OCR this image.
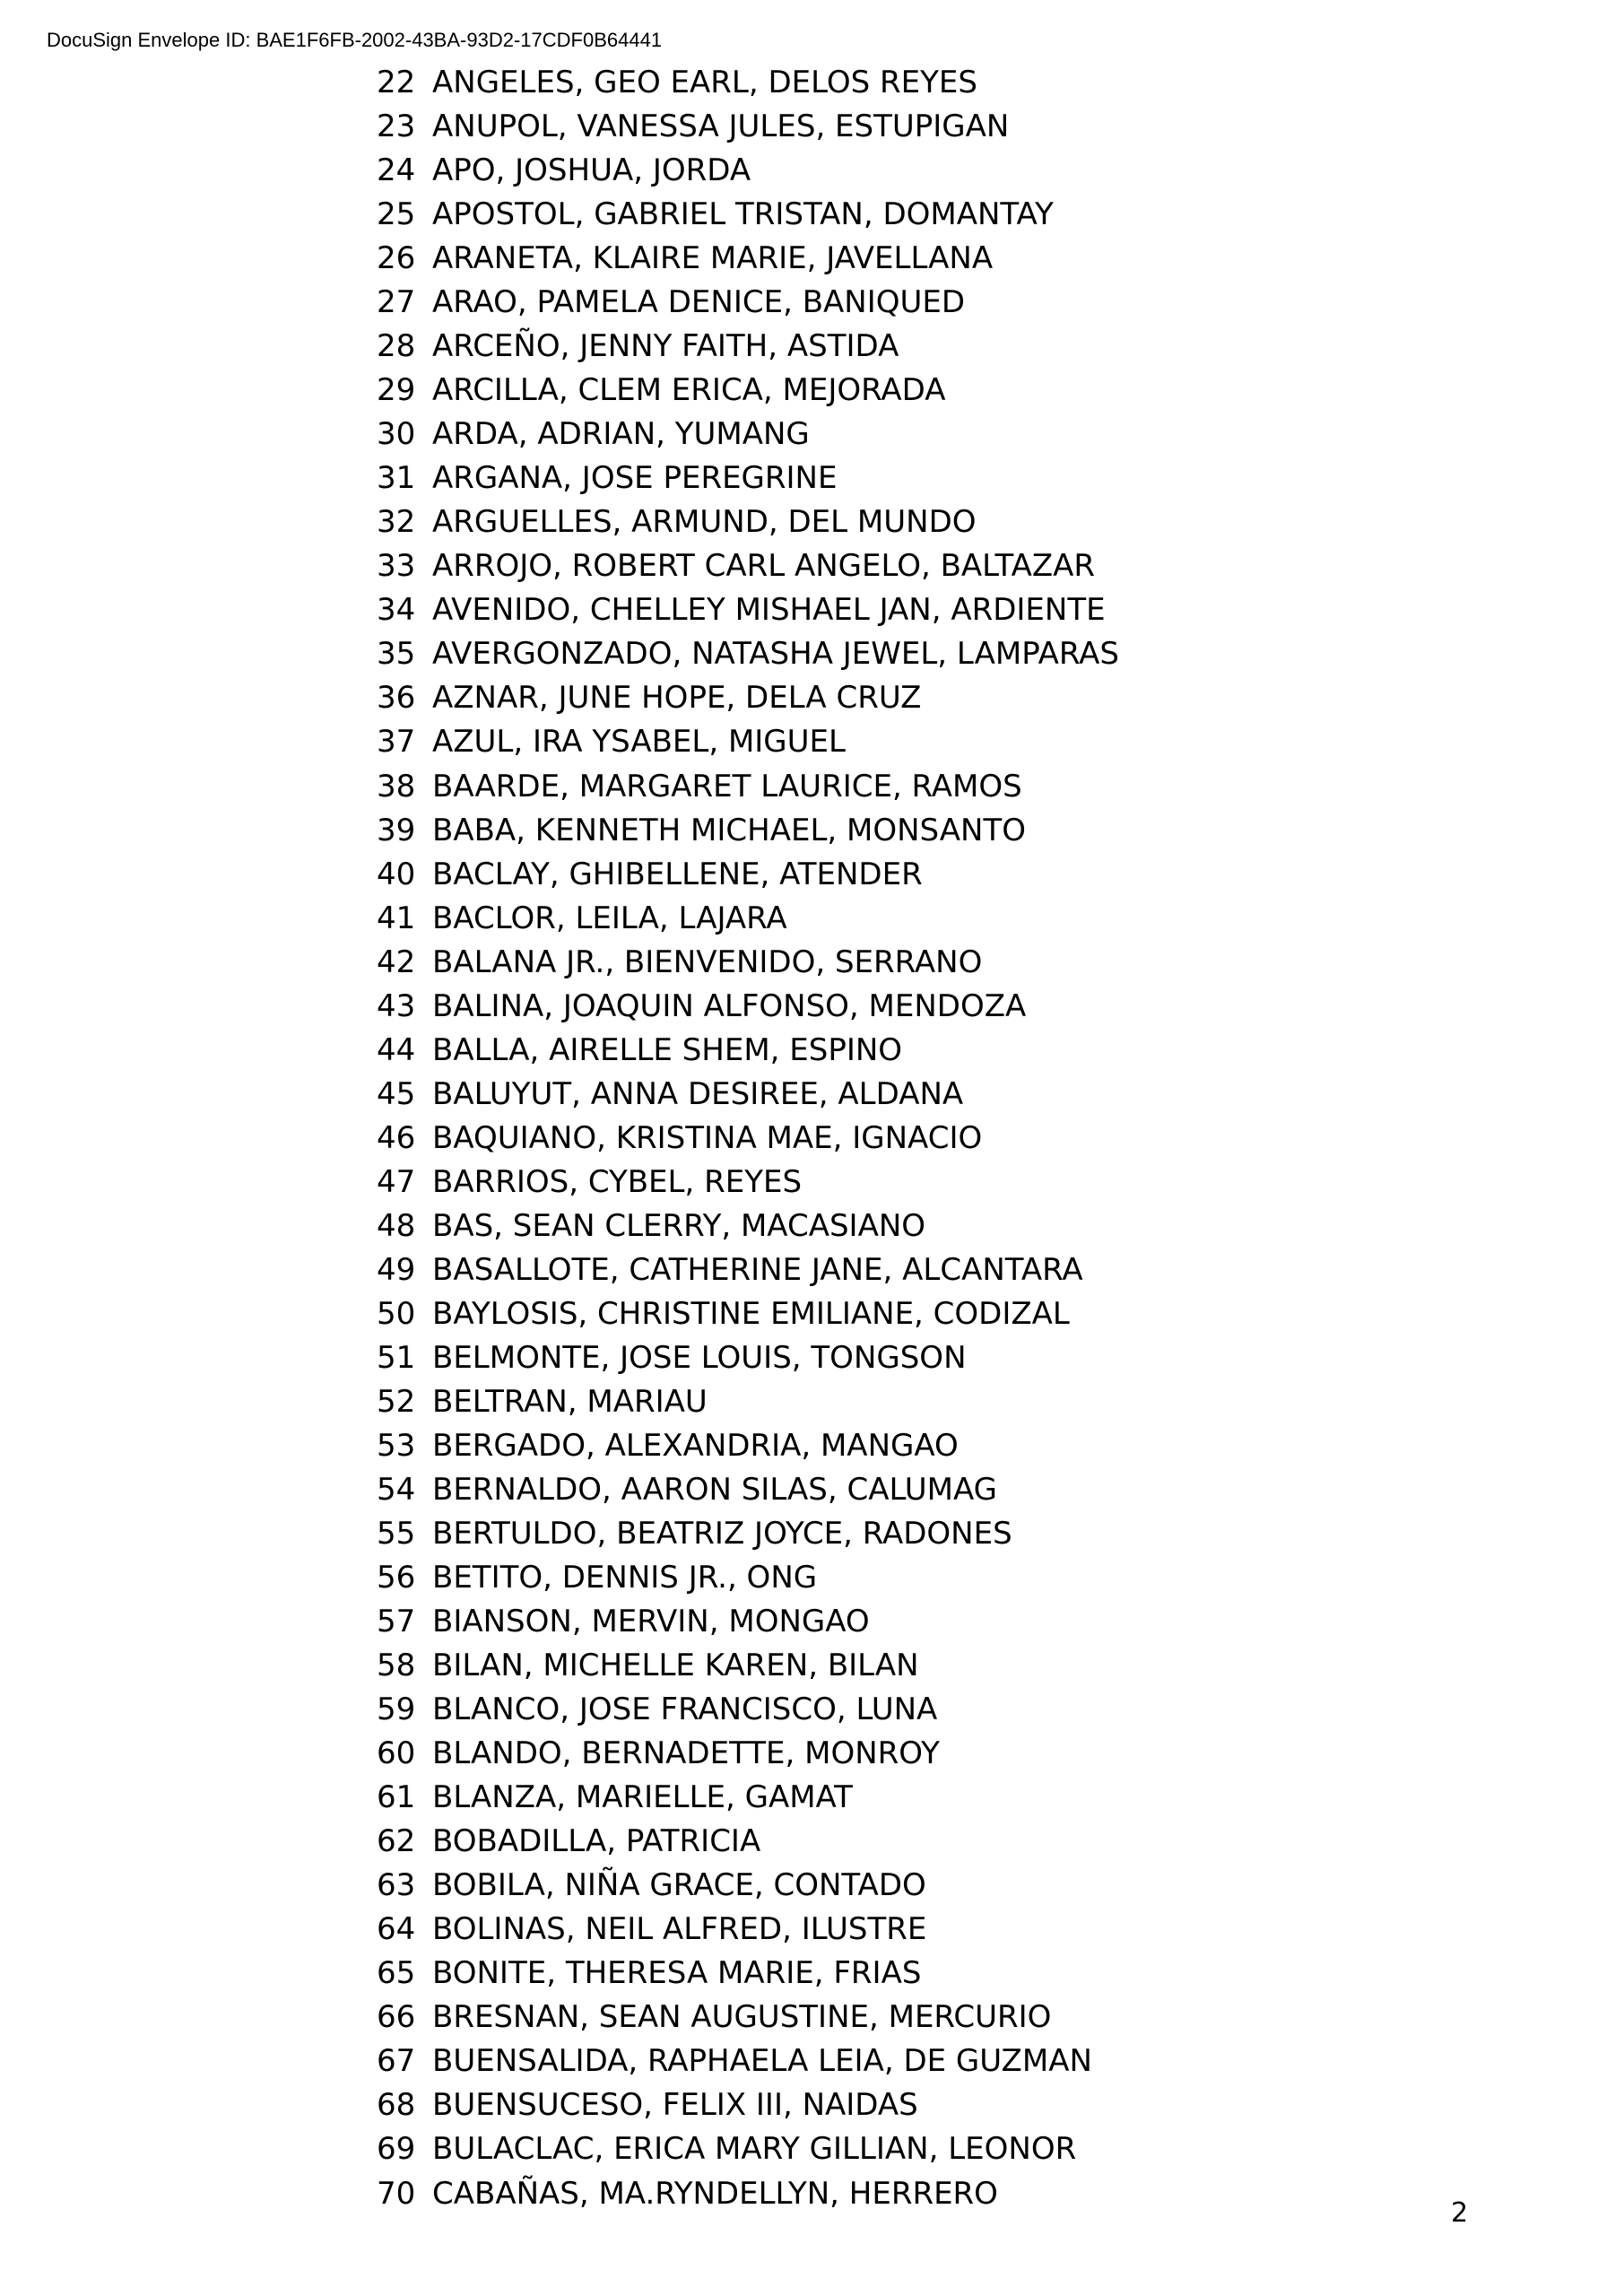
DocuSign Envelope ID: BAE1F6FB-2002-43BA-93D2-17CDF0B64441
22 ANGELES, GEO EARL, DELOS REYES
23 ANUPOL, VANESSA JULES, ESTUPIGAN
24 APO, JOSHUA, JORDA
25 APOSTOL, GABRIEL TRISTAN, DOMANTAY
26 ARANETA, KLAIRE MARIE, JAVELLANA
27 ARAO, PAMELA DENICE, BANIQUED
28 ARCEÑO, JENNY FAITH, ASTIDA
29 ARCILLA, CLEM ERICA, MEJORADA
30 ARDA, ADRIAN, YUMANG
31 ARGANA, JOSE PEREGRINE
32 ARGUELLES, ARMUND, DEL MUNDO
33 ARROJO, ROBERT CARL ANGELO, BALTAZAR
34 AVENIDO, CHELLEY MISHAEL JAN, ARDIENTE
35 AVERGONZADO, NATASHA JEWEL, LAMPARAS
36 AZNAR, JUNE HOPE, DELA CRUZ
37 AZUL, IRA YSABEL, MIGUEL
38 BAARDE, MARGARET LAURICE, RAMOS
39 BABA, KENNETH MICHAEL, MONSANTO
40 BACLAY, GHIBELLENE, ATENDER
41 BACLOR, LEILA, LAJARA
42 BALANA JR., BIENVENIDO, SERRANO
43 BALINA, JOAQUIN ALFONSO, MENDOZA
44 BALLA, AIRELLE SHEM, ESPINO
45 BALUYUT, ANNA DESIREE, ALDANA
46 BAQUIANO, KRISTINA MAE, IGNACIO
47 BARRIOS, CYBEL, REYES
48 BAS, SEAN CLERRY, MACASIANO
49 BASALLOTE, CATHERINE JANE, ALCANTARA
50 BAYLOSIS, CHRISTINE EMILIANE, CODIZAL
51 BELMONTE, JOSE LOUIS, TONGSON
52 BELTRAN, MARIAU
53 BERGADO, ALEXANDRIA, MANGAO
54 BERNALDO, AARON SILAS, CALUMAG
55 BERTULDO, BEATRIZ JOYCE, RADONES
56 BETITO, DENNIS JR., ONG
57 BIANSON, MERVIN, MONGAO
58 BILAN, MICHELLE KAREN, BILAN
59 BLANCO, JOSE FRANCISCO, LUNA
60 BLANDO, BERNADETTE, MONROY
61 BLANZA, MARIELLE, GAMAT
62 BOBADILLA, PATRICIA
63 BOBILA, NIÑA GRACE, CONTADO
64 BOLINAS, NEIL ALFRED, ILUSTRE
65 BONITE, THERESA MARIE, FRIAS
66 BRESNAN, SEAN AUGUSTINE, MERCURIO
67 BUENSALIDA, RAPHAELA LEIA, DE GUZMAN
68 BUENSUCESO, FELIX III, NAIDAS
69 BULACLAC, ERICA MARY GILLIAN, LEONOR
70 CABAÑAS, MA.RYNDELLYN, HERRERO
2
